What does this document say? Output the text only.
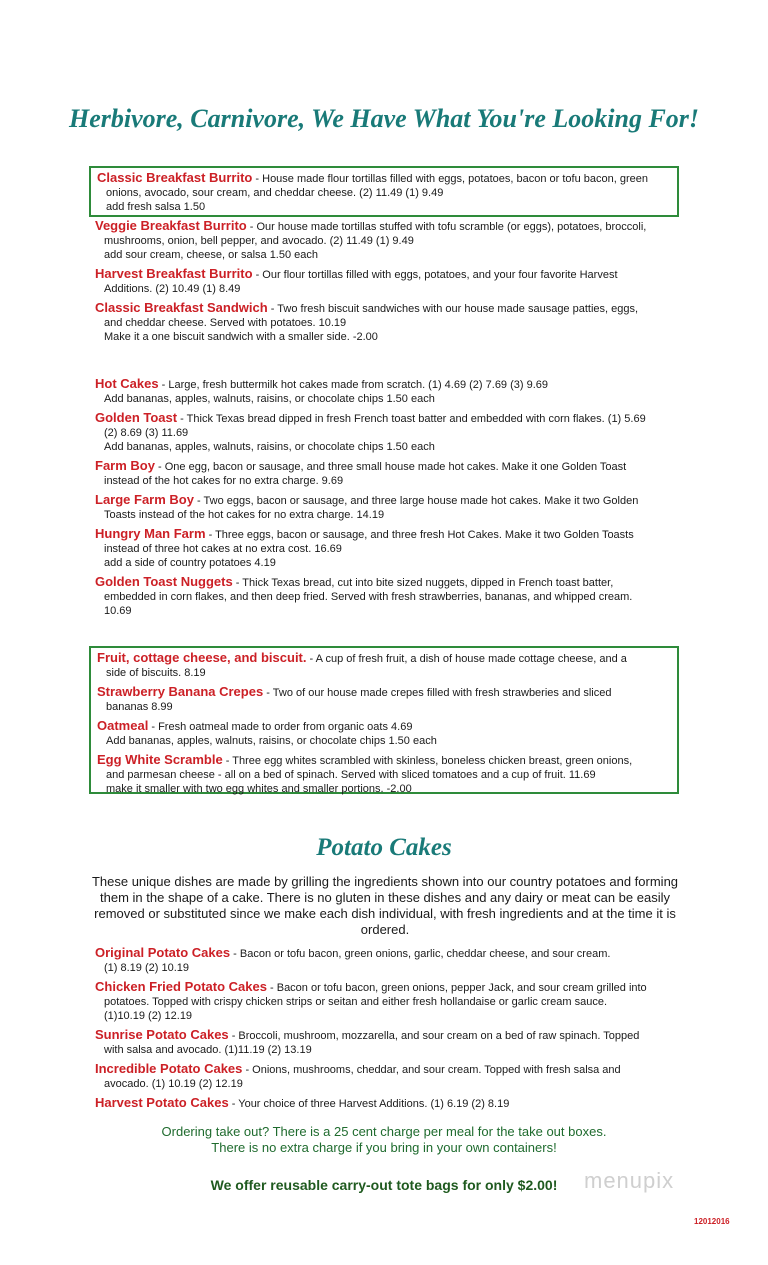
Herbivore, Carnivore, We Have What You're Looking For!
Classic Breakfast Burrito - House made flour tortillas filled with eggs, potatoes, bacon or tofu bacon, green
onions, avocado, sour cream, and cheddar cheese. (2) 11.49 (1) 9.49
add fresh salsa 1.50
Veggie Breakfast Burrito - Our house made tortillas stuffed with tofu scramble (or eggs), potatoes, broccoli,
mushrooms, onion, bell pepper, and avocado. (2) 11.49 (1) 9.49
add sour cream, cheese, or salsa 1.50 each
Harvest Breakfast Burrito - Our flour tortillas filled with eggs, potatoes, and your four favorite Harvest
Additions. (2) 10.49 (1) 8.49
Classic Breakfast Sandwich - Two fresh biscuit sandwiches with our house made sausage patties, eggs,
and cheddar cheese. Served with potatoes. 10.19
Make it a one biscuit sandwich with a smaller side. -2.00
Hot Cakes - Large, fresh buttermilk hot cakes made from scratch. (1) 4.69 (2) 7.69 (3) 9.69
Add bananas, apples, walnuts, raisins, or chocolate chips 1.50 each
Golden Toast - Thick Texas bread dipped in fresh French toast batter and embedded with corn flakes. (1) 5.69
(2) 8.69 (3) 11.69
Add bananas, apples, walnuts, raisins, or chocolate chips 1.50 each
Farm Boy - One egg, bacon or sausage, and three small house made hot cakes. Make it one Golden Toast
instead of the hot cakes for no extra charge. 9.69
Large Farm Boy - Two eggs, bacon or sausage, and three large house made hot cakes. Make it two Golden
Toasts instead of the hot cakes for no extra charge. 14.19
Hungry Man Farm - Three eggs, bacon or sausage, and three fresh Hot Cakes. Make it two Golden Toasts
instead of three hot cakes at no extra cost. 16.69
add a side of country potatoes 4.19
Golden Toast Nuggets - Thick Texas bread, cut into bite sized nuggets, dipped in French toast batter,
embedded in corn flakes, and then deep fried. Served with fresh strawberries, bananas, and whipped cream.
10.69
Fruit, cottage cheese, and biscuit. - A cup of fresh fruit, a dish of house made cottage cheese, and a
side of biscuits. 8.19
Strawberry Banana Crepes - Two of our house made crepes filled with fresh strawberies and sliced
bananas 8.99
Oatmeal - Fresh oatmeal made to order from organic oats 4.69
Add bananas, apples, walnuts, raisins, or chocolate chips 1.50 each
Egg White Scramble - Three egg whites scrambled with skinless, boneless chicken breast, green onions,
and parmesan cheese - all on a bed of spinach. Served with sliced tomatoes and a cup of fruit. 11.69
make it smaller with two egg whites and smaller portions. -2.00
Potato Cakes
These unique dishes are made by grilling the ingredients shown into our country potatoes and forming them in the shape of a cake. There is no gluten in these dishes and any dairy or meat can be easily removed or substituted since we make each dish individual, with fresh ingredients and at the time it is ordered.
Original Potato Cakes - Bacon or tofu bacon, green onions, garlic, cheddar cheese, and sour cream.
(1) 8.19 (2) 10.19
Chicken Fried Potato Cakes - Bacon or tofu bacon, green onions, pepper Jack, and sour cream grilled into
potatoes. Topped with crispy chicken strips or seitan and either fresh hollandaise or garlic cream sauce.
(1)10.19 (2) 12.19
Sunrise Potato Cakes - Broccoli, mushroom, mozzarella, and sour cream on a bed of raw spinach. Topped
with salsa and avocado. (1)11.19 (2) 13.19
Incredible Potato Cakes - Onions, mushrooms, cheddar, and sour cream. Topped with fresh salsa and
avocado. (1) 10.19 (2) 12.19
Harvest Potato Cakes - Your choice of three Harvest Additions. (1) 6.19 (2) 8.19
Ordering take out? There is a 25 cent charge per meal for the take out boxes.
There is no extra charge if you bring in your own containers!
We offer reusable carry-out tote bags for only $2.00!	menupix
12012016
